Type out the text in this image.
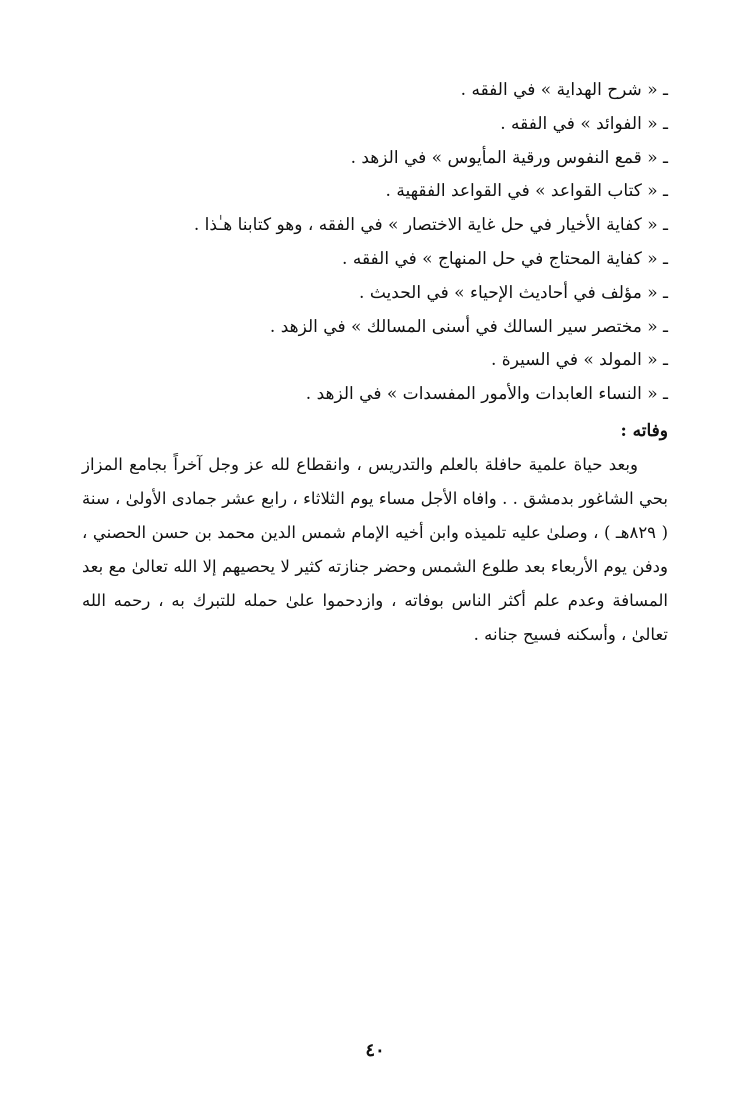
ـ « شرح الهداية » في الفقه .
ـ « الفوائد » في الفقه .
ـ « قمع النفوس ورقية المأيوس » في الزهد .
ـ « كتاب القواعد » في القواعد الفقهية .
ـ « كفاية الأخيار في حل غاية الاختصار » في الفقه ، وهو كتابنا هـٰذا .
ـ « كفاية المحتاج في حل المنهاج » في الفقه .
ـ « مؤلف في أحاديث الإحياء » في الحديث .
ـ « مختصر سير السالك في أسنى المسالك » في الزهد .
ـ « المولد » في السيرة .
ـ « النساء العابدات والأمور المفسدات » في الزهد .
وفاته :

وبعد حياة علمية حافلة بالعلم والتدريس ، وانقطاع لله عز وجل آخراً بجامع المزاز بحي الشاغور بدمشق . . وافاه الأجل مساء يوم الثلاثاء ، رابع عشر جمادى الأولىٰ ، سنة ( ٨٢٩هـ ) ، وصلىٰ عليه تلميذه وابن أخيه الإمام شمس الدين محمد بن حسن الحصني ، ودفن يوم الأربعاء بعد طلوع الشمس وحضر جنازته كثير لا يحصيهم إلا الله تعالىٰ مع بعد المسافة وعدم علم أكثر الناس بوفاته ، وازدحموا علىٰ حمله للتبرك به ، رحمه الله تعالىٰ ، وأسكنه فسيح جنانه .

٤٠
